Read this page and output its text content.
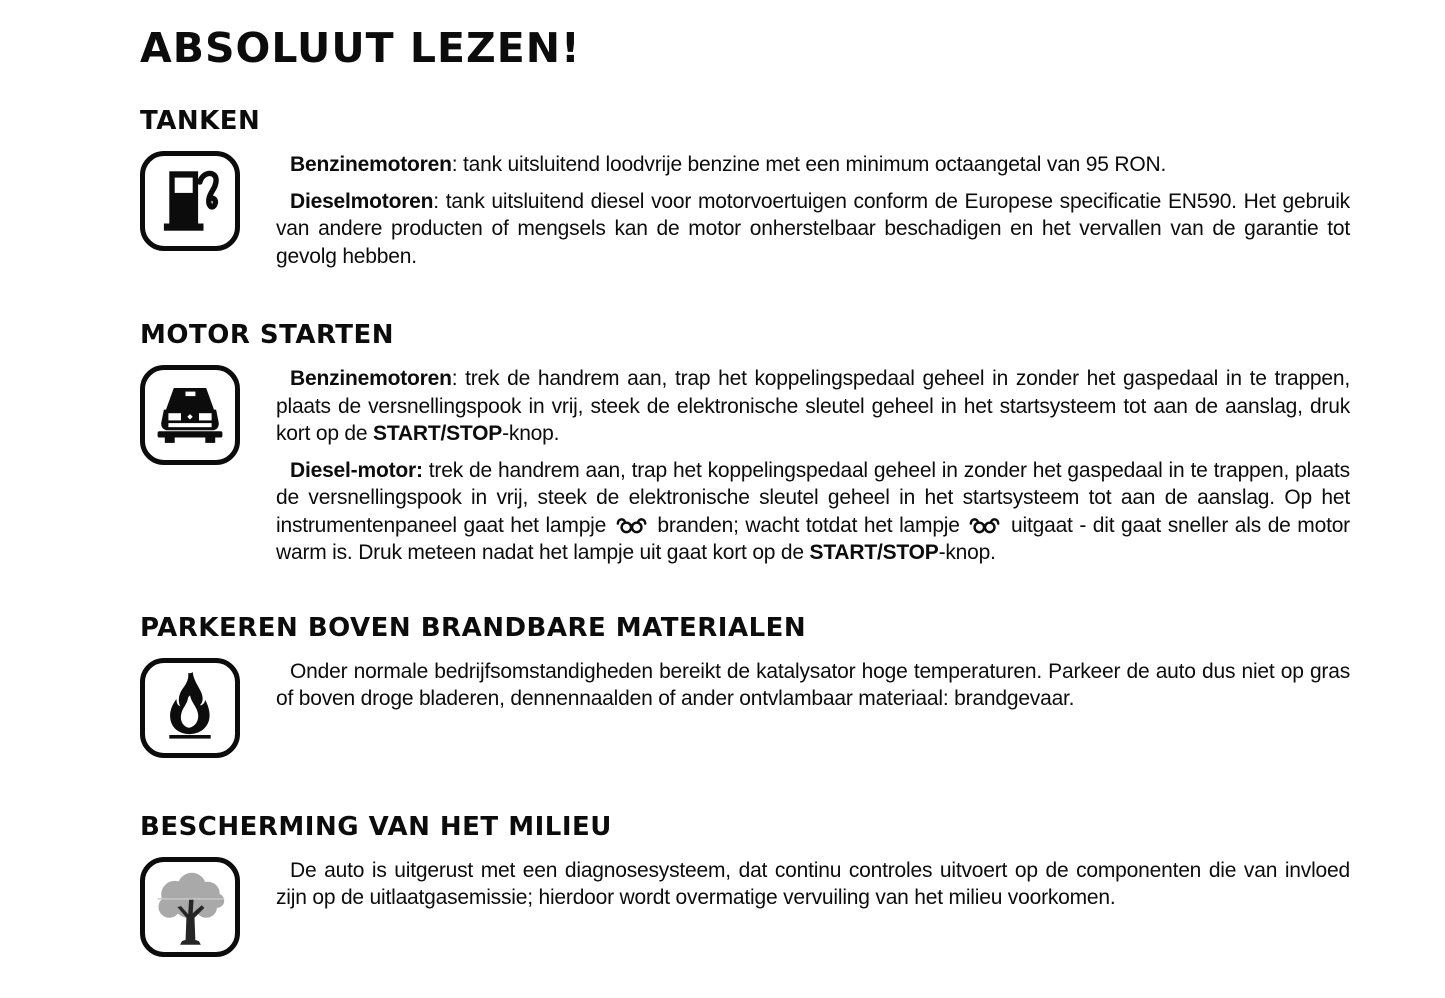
ABSOLUUT LEZEN!
TANKEN

Benzinemotoren: tank uitsluitend loodvrije benzine met een minimum octaangetal van 95 RON.

Dieselmotoren: tank uitsluitend diesel voor motorvoertuigen conform de Europese specificatie EN590. Het gebruik van andere producten of mengsels kan de motor onherstelbaar beschadigen en het vervallen van de garantie tot gevolg hebben.

MOTOR STARTEN

Benzinemotoren: trek de handrem aan, trap het koppelingspedaal geheel in zonder het gaspedaal in te trappen, plaats de versnellingspook in vrij, steek de elektronische sleutel geheel in het startsysteem tot aan de aanslag, druk kort op de START/STOP-knop.

Diesel-motor: trek de handrem aan, trap het koppelingspedaal geheel in zonder het gaspedaal in te trappen, plaats de versnellingspook in vrij, steek de elektronische sleutel geheel in het startsysteem tot aan de aanslag. Op het instrumentenpaneel gaat het lampje  branden; wacht totdat het lampje  uitgaat - dit gaat sneller als de motor warm is. Druk meteen nadat het lampje uit gaat kort op de START/STOP-knop.

PARKEREN BOVEN BRANDBARE MATERIALEN

Onder normale bedrijfsomstandigheden bereikt de katalysator hoge temperaturen. Parkeer de auto dus niet op gras of boven droge bladeren, dennennaalden of ander ontvlambaar materiaal: brandgevaar.

BESCHERMING VAN HET MILIEU

De auto is uitgerust met een diagnosesysteem, dat continu controles uitvoert op de componenten die van invloed zijn op de uitlaatgasemissie; hierdoor wordt overmatige vervuiling van het milieu voorkomen.
